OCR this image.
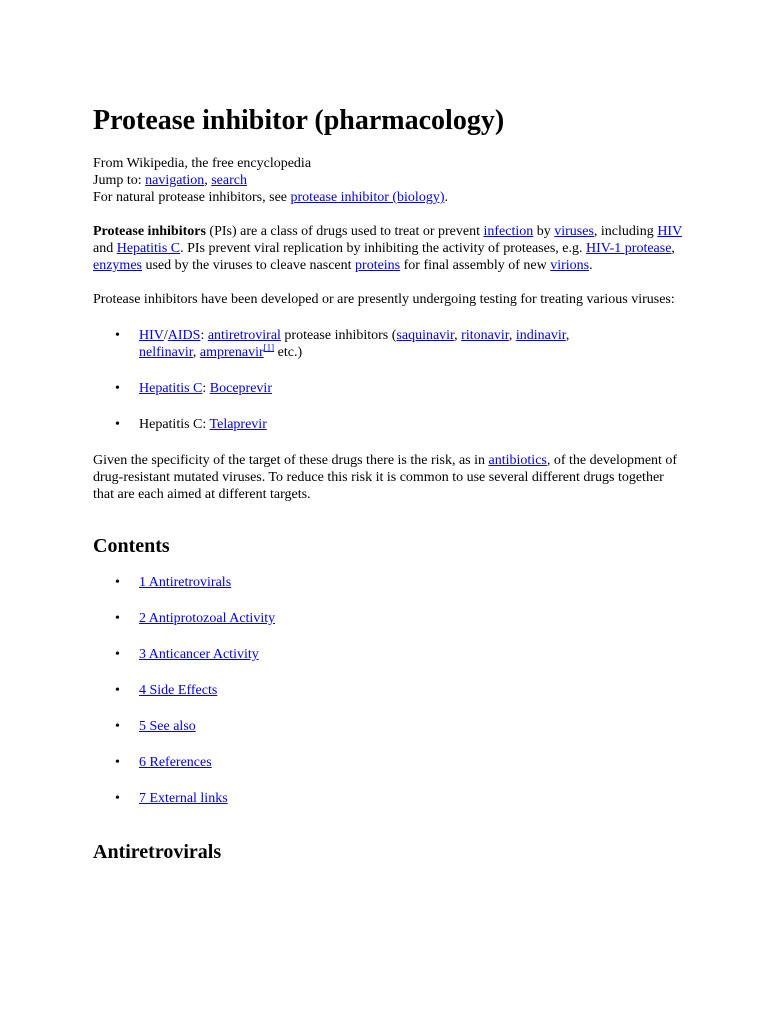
Protease inhibitor (pharmacology)
From Wikipedia, the free encyclopedia
Jump to: navigation, search
For natural protease inhibitors, see protease inhibitor (biology).

Protease inhibitors (PIs) are a class of drugs used to treat or prevent infection by viruses, including HIV and Hepatitis C. PIs prevent viral replication by inhibiting the activity of proteases, e.g. HIV-1 protease, enzymes used by the viruses to cleave nascent proteins for final assembly of new virions.

Protease inhibitors have been developed or are presently undergoing testing for treating various viruses:

• HIV/AIDS: antiretroviral protease inhibitors (saquinavir, ritonavir, indinavir,
nelfinavir, amprenavir[1] etc.)
• Hepatitis C: Boceprevir
• Hepatitis C: Telaprevir

Given the specificity of the target of these drugs there is the risk, as in antibiotics, of the development of drug-resistant mutated viruses. To reduce this risk it is common to use several different drugs together that are each aimed at different targets.

Contents
• 1 Antiretrovirals
• 2 Antiprotozoal Activity
• 3 Anticancer Activity
• 4 Side Effects
• 5 See also
• 6 References
• 7 External links
Antiretrovirals
